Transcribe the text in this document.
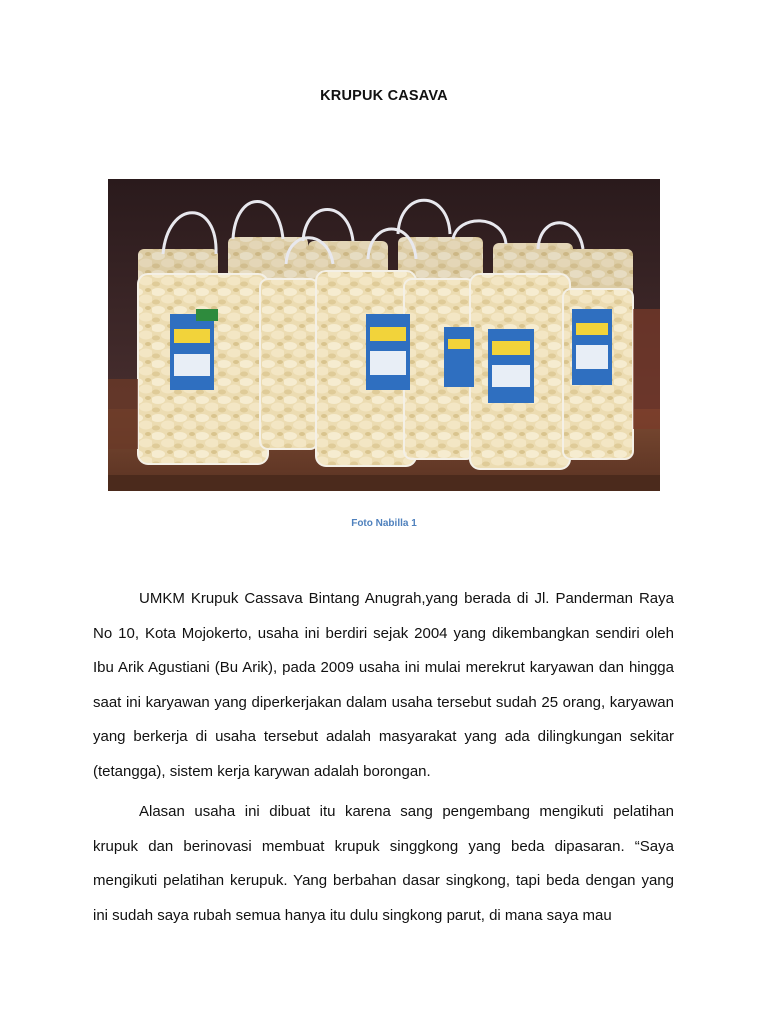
KRUPUK CASAVA
Foto Nabilla 1

UMKM Krupuk Cassava Bintang Anugrah,yang berada di Jl. Panderman Raya No 10, Kota Mojokerto, usaha ini berdiri sejak 2004 yang dikembangkan sendiri oleh Ibu Arik Agustiani (Bu Arik), pada 2009 usaha ini mulai merekrut karyawan dan hingga saat ini karyawan yang diperkerjakan dalam usaha tersebut sudah 25 orang, karyawan yang berkerja di usaha tersebut adalah masyarakat yang ada dilingkungan sekitar (tetangga), sistem kerja karywan adalah borongan.

Alasan usaha ini dibuat itu karena sang pengembang mengikuti pelatihan krupuk dan berinovasi membuat krupuk singgkong yang beda dipasaran. “Saya mengikuti pelatihan kerupuk. Yang berbahan dasar singkong, tapi beda dengan yang ini sudah saya rubah semua hanya itu dulu singkong parut, di mana saya mau
